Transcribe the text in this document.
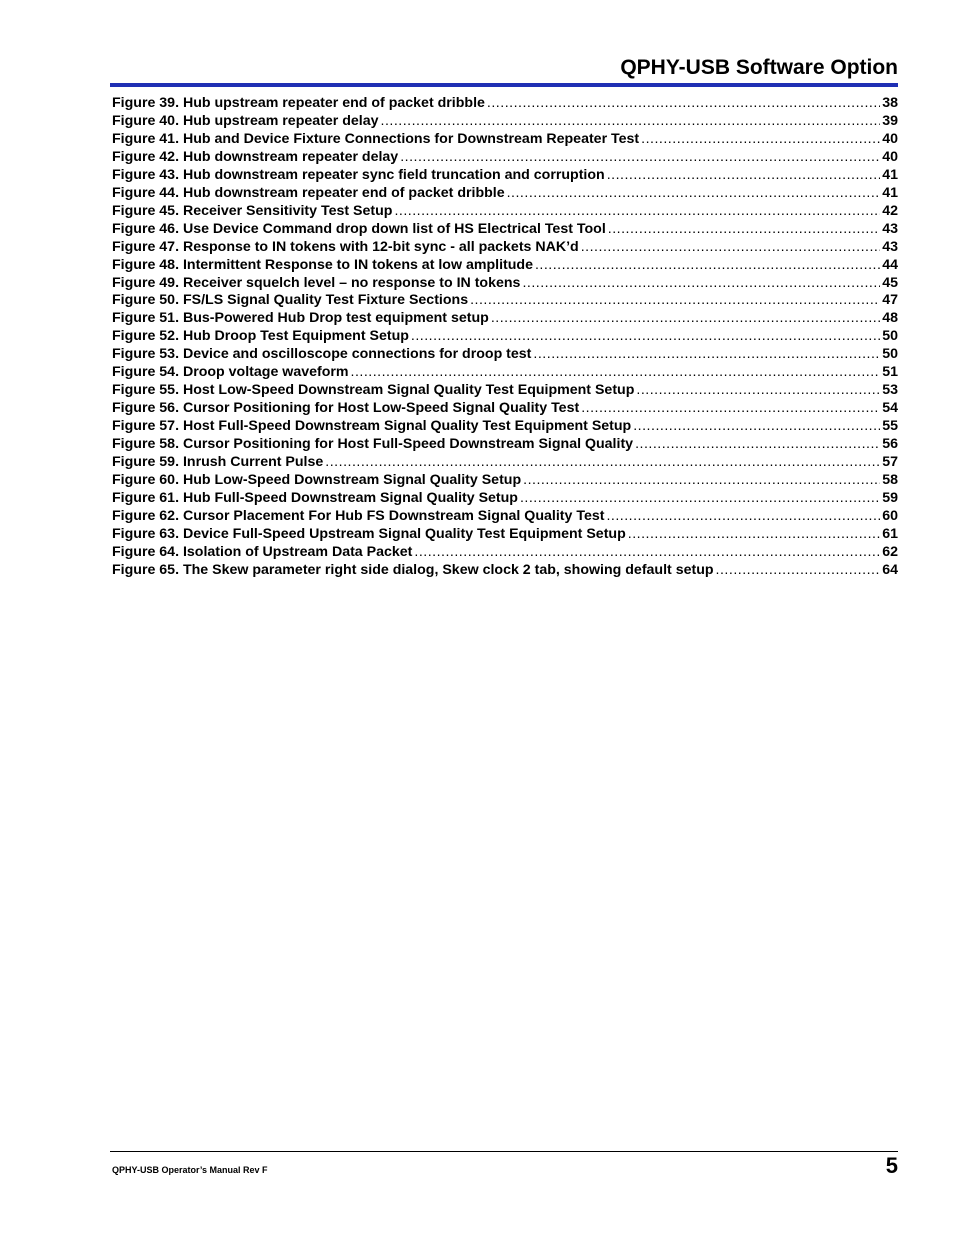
QPHY-USB Software Option
Figure 39. Hub upstream repeater end of packet dribble .....	38
Figure 40. Hub upstream repeater delay .....	39
Figure 41. Hub and Device Fixture Connections for Downstream Repeater Test .....	40
Figure 42. Hub downstream repeater delay .....	40
Figure 43. Hub downstream repeater sync field truncation and corruption .....	41
Figure 44. Hub downstream repeater end of packet dribble .....	41
Figure 45. Receiver Sensitivity Test Setup .....	42
Figure 46. Use Device Command drop down list of HS Electrical Test Tool .....	43
Figure 47. Response to IN tokens with 12-bit sync - all packets NAK’d .....	43
Figure 48. Intermittent Response to IN tokens at low amplitude .....	44
Figure 49. Receiver squelch level – no response to IN tokens .....	45
Figure 50. FS/LS Signal Quality Test Fixture Sections .....	47
Figure 51. Bus-Powered Hub Drop test equipment setup .....	48
Figure 52. Hub Droop Test Equipment Setup .....	50
Figure 53. Device and oscilloscope connections for droop test .....	50
Figure 54. Droop voltage waveform .....	51
Figure 55. Host Low-Speed Downstream Signal Quality Test Equipment Setup .....	53
Figure 56. Cursor Positioning for Host Low-Speed Signal Quality Test .....	54
Figure 57. Host Full-Speed Downstream Signal Quality Test Equipment Setup .....	55
Figure 58. Cursor Positioning for Host Full-Speed Downstream Signal Quality .....	56
Figure 59. Inrush Current Pulse .....	57
Figure 60. Hub Low-Speed Downstream Signal Quality Setup .....	58
Figure 61. Hub Full-Speed Downstream Signal Quality Setup .....	59
Figure 62. Cursor Placement For Hub FS Downstream Signal Quality Test .....	60
Figure 63. Device Full-Speed Upstream Signal Quality Test Equipment Setup .....	61
Figure 64. Isolation of Upstream Data Packet .....	62
Figure 65. The Skew parameter right side dialog, Skew clock 2 tab, showing default setup .....	64
QPHY-USB Operator’s Manual Rev F	5
